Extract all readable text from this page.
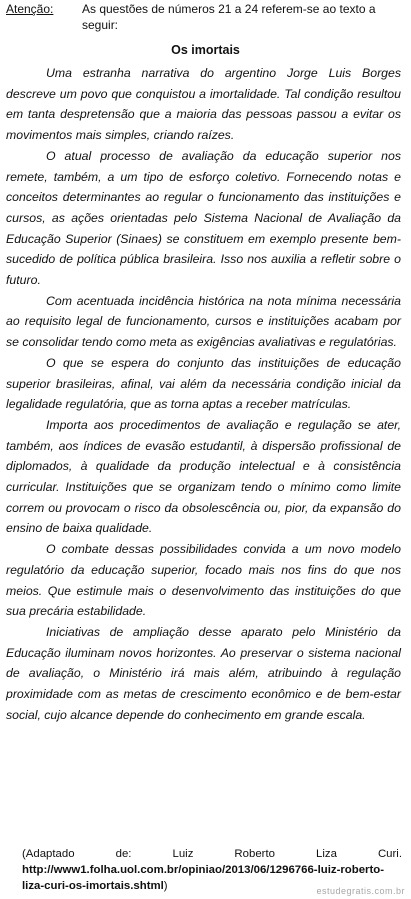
Atenção: As questões de números 21 a 24 referem-se ao texto a seguir:
Os imortais

Uma estranha narrativa do argentino Jorge Luis Borges descreve um povo que conquistou a imortalidade. Tal condição resultou em tanta despretensão que a maioria das pessoas passou a evitar os movimentos mais simples, criando raízes.

O atual processo de avaliação da educação superior nos remete, também, a um tipo de esforço coletivo. Fornecendo notas e conceitos determinantes ao regular o funcionamento das instituições e cursos, as ações orientadas pelo Sistema Nacional de Avaliação da Educação Superior (Sinaes) se constituem em exemplo presente bem-sucedido de política pública brasileira. Isso nos auxilia a refletir sobre o futuro.

Com acentuada incidência histórica na nota mínima necessária ao requisito legal de funcionamento, cursos e instituições acabam por se consolidar tendo como meta as exigências avaliativas e regulatórias.

O que se espera do conjunto das instituições de educação superior brasileiras, afinal, vai além da necessária condição inicial da legalidade regulatória, que as torna aptas a receber matrículas.

Importa aos procedimentos de avaliação e regulação se ater, também, aos índices de evasão estudantil, à dispersão profissional de diplomados, à qualidade da produção intelectual e à consistência curricular. Instituições que se organizam tendo o mínimo como limite correm ou provocam o risco da obsolescência ou, pior, da expansão do ensino de baixa qualidade.

O combate dessas possibilidades convida a um novo modelo regulatório da educação superior, focado mais nos fins do que nos meios. Que estimule mais o desenvolvimento das instituições do que sua precária estabilidade.

Iniciativas de ampliação desse aparato pelo Ministério da Educação iluminam novos horizontes. Ao preservar o sistema nacional de avaliação, o Ministério irá mais além, atribuindo à regulação proximidade com as metas de crescimento econômico e de bem-estar social, cujo alcance depende do conhecimento em grande escala.

(Adaptado de: Luiz Roberto Liza Curi. http://www1.folha.uol.com.br/opiniao/2013/06/1296766-luiz-roberto-liza-curi-os-imortais.shtml)	estudegratis.com.br
